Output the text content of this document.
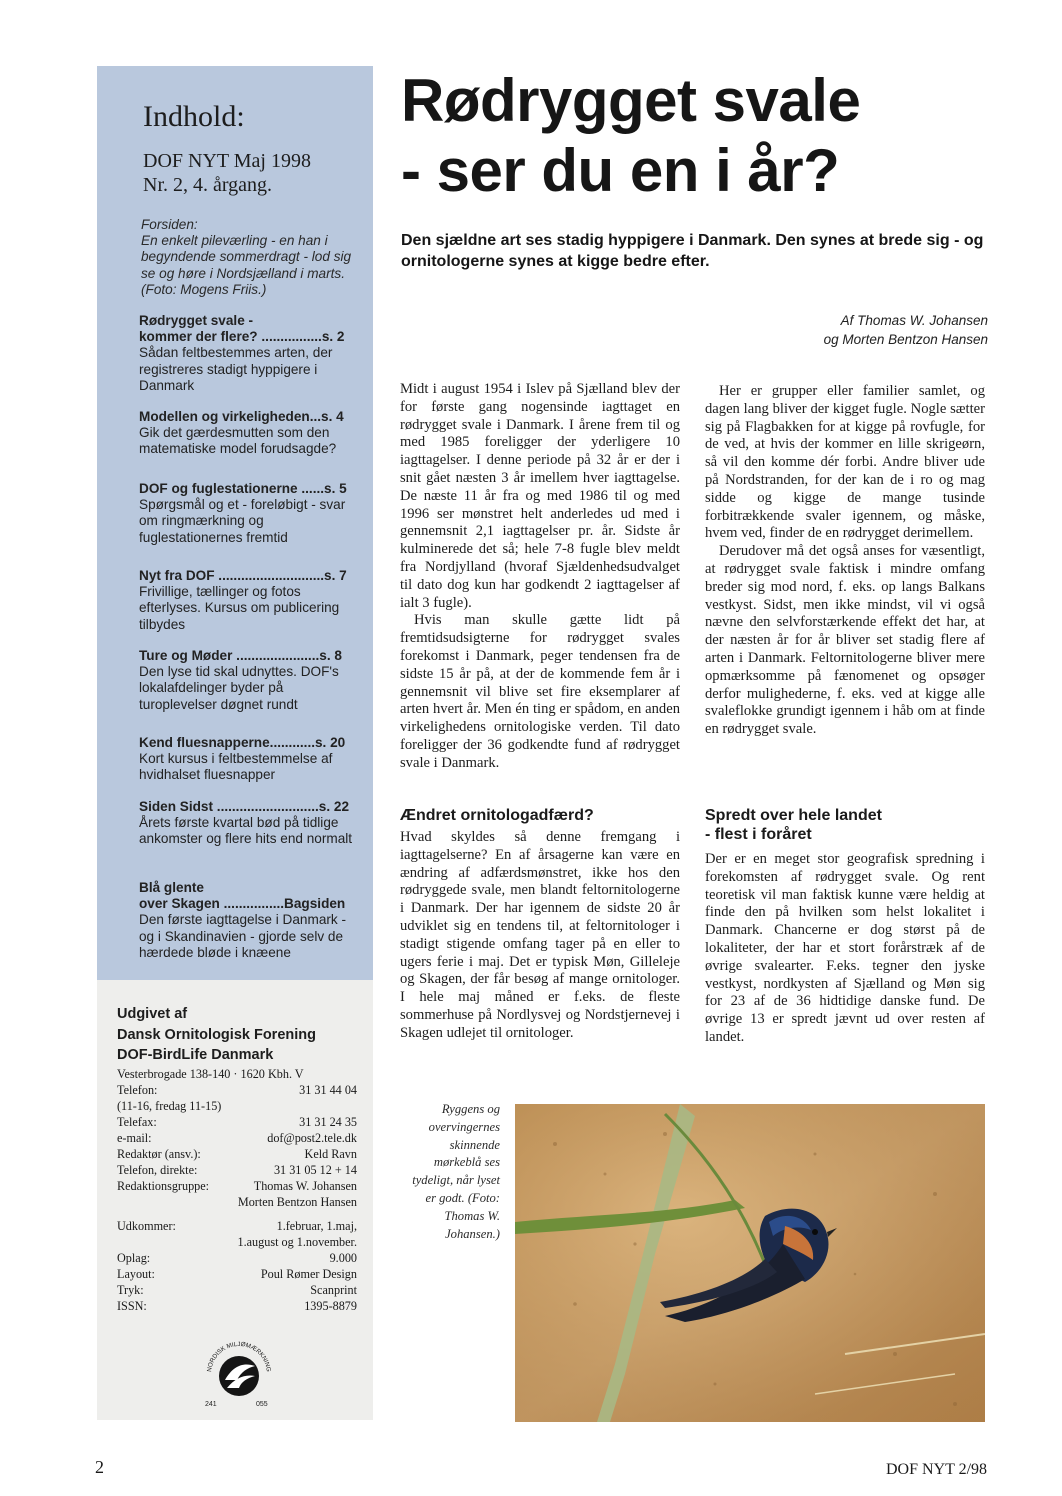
Indhold:
DOF NYT Maj 1998
Nr. 2, 4. årgang.
Forsiden:
En enkelt pileværling - en han i begyndende sommerdragt - lod sig se og høre i Nordsjælland i marts. (Foto: Mogens Friis.)
Rødrygget svale -
kommer der flere? ................s. 2
Sådan feltbestemmes arten, der registreres stadigt hyppigere i Danmark
Modellen og virkeligheden...s. 4
Gik det gærdesmutten som den matematiske model forudsagde?
DOF og fuglestationerne ......s. 5
Spørgsmål og et - foreløbigt - svar om ringmærkning og fuglestationernes fremtid
Nyt fra DOF ............................s. 7
Frivillige, tællinger og fotos efterlyses. Kursus om publicering tilbydes
Ture og Møder ......................s. 8
Den lyse tid skal udnyttes. DOF's lokalafdelinger byder på turoplevelser døgnet rundt
Kend fluesnapperne............s. 20
Kort kursus i feltbestemmelse af hvidhalset fluesnapper
Siden Sidst ...........................s. 22
Årets første kvartal bød på tidlige ankomster og flere hits end normalt
Blå glente
over Skagen ................Bagsiden
Den første iagttagelse i Danmark - og i Skandinavien - gjorde selv de hærdede bløde i knæene
Udgivet af
Dansk Ornitologisk Forening
DOF-BirdLife Danmark
Vesterbrogade 138-140 · 1620 Kbh. V
Telefon:	31 31 44 04
(11-16, fredag 11-15)
Telefax:	31 31 24 35
e-mail:	dof@post2.tele.dk
Redaktør (ansv.):	Keld Ravn
Telefon, direkte:	31 31 05 12 + 14
Redaktionsgruppe:	Thomas W. Johansen
Morten Bentzon Hansen
Udkommer:	1.februar, 1.maj,
1.august og 1.november.
Oplag:	9.000
Layout:	Poul Rømer Design
Tryk:	Scanprint
ISSN:	1395-8879
NORDISK MILJØMÆRKNING
241	055
Rødrygget svale
- ser du en i år?
Den sjældne art ses stadig hyppigere i Danmark. Den synes at brede sig - og ornitologerne synes at kigge bedre efter.
Af Thomas W. Johansen
og Morten Bentzon Hansen

Midt i august 1954 i Islev på Sjælland blev der for første gang nogensinde iagttaget en rødrygget svale i Danmark. I årene frem til og med 1985 foreligger der yderligere 10 iagttagelser. I denne periode på 32 år er der i snit gået næsten 3 år imellem hver iagttagelse. De næste 11 år fra og med 1986 til og med 1996 ser mønstret helt anderledes ud med i gennemsnit 2,1 iagttagelser pr. år. Sidste år kulminerede det så; hele 7-8 fugle blev meldt fra Nordjylland (hvoraf Sjældenhedsudvalget til dato dog kun har godkendt 2 iagttagelser af ialt 3 fugle).

Hvis man skulle gætte lidt på fremtidsudsigterne for rødrygget svales forekomst i Danmark, peger tendensen fra de sidste 15 år på, at der de kommende fem år i gennemsnit vil blive set fire eksemplarer af arten hvert år. Men én ting er spådom, en anden virkelighedens ornitologiske verden. Til dato foreligger der 36 godkendte fund af rødrygget svale i Danmark.

Ændret ornitologadfærd?

Hvad skyldes så denne fremgang i iagttagelserne? En af årsagerne kan være en ændring af adfærdsmønstret, ikke hos den rødryggede svale, men blandt feltornitologerne i Danmark. Der har igennem de sidste 20 år udviklet sig en tendens til, at feltornitologer i stadigt stigende omfang tager på en eller to ugers ferie i maj. Det er typisk Møn, Gilleleje og Skagen, der får besøg af mange ornitologer. I hele maj måned er f.eks. de fleste sommerhuse på Nordlysvej og Nordstjernevej i Skagen udlejet til ornitologer.

Her er grupper eller familier samlet, og dagen lang bliver der kigget fugle. Nogle sætter sig på Flagbakken for at kigge på rovfugle, for de ved, at hvis der kommer en lille skrigeørn, så vil den komme dér forbi. Andre bliver ude på Nordstranden, for der kan de i ro og mag sidde og kigge de mange tusinde forbitrækkende svaler igennem, og måske, hvem ved, finder de en rødrygget derimellem.

Derudover må det også anses for væsentligt, at rødrygget svale faktisk i mindre omfang breder sig mod nord, f. eks. op langs Balkans vestkyst. Sidst, men ikke mindst, vil vi også nævne den selvforstærkende effekt det har, at der næsten år for år bliver set stadig flere af arten i Danmark. Feltornitologerne bliver mere opmærksomme på fænomenet og opsøger derfor mulighederne, f. eks. ved at kigge alle svaleflokke grundigt igennem i håb om at finde en rødrygget svale.

Spredt over hele landet
- flest i foråret

Der er en meget stor geografisk spredning i forekomsten af rødrygget svale. Og rent teoretisk vil man faktisk kunne være heldig at finde den på hvilken som helst lokalitet i Danmark. Chancerne er dog størst på de lokaliteter, der har et stort forårstræk af de øvrige svalearter. F.eks. tegner den jyske vestkyst, nordkysten af Sjælland og Møn sig for 23 af de 36 hidtidige danske fund. De øvrige 13 er spredt jævnt ud over resten af landet.

Ryggens og overvingernes skinnende mørkeblå ses tydeligt, når lyset er godt. (Foto: Thomas W. Johansen.)
2	DOF NYT 2/98
